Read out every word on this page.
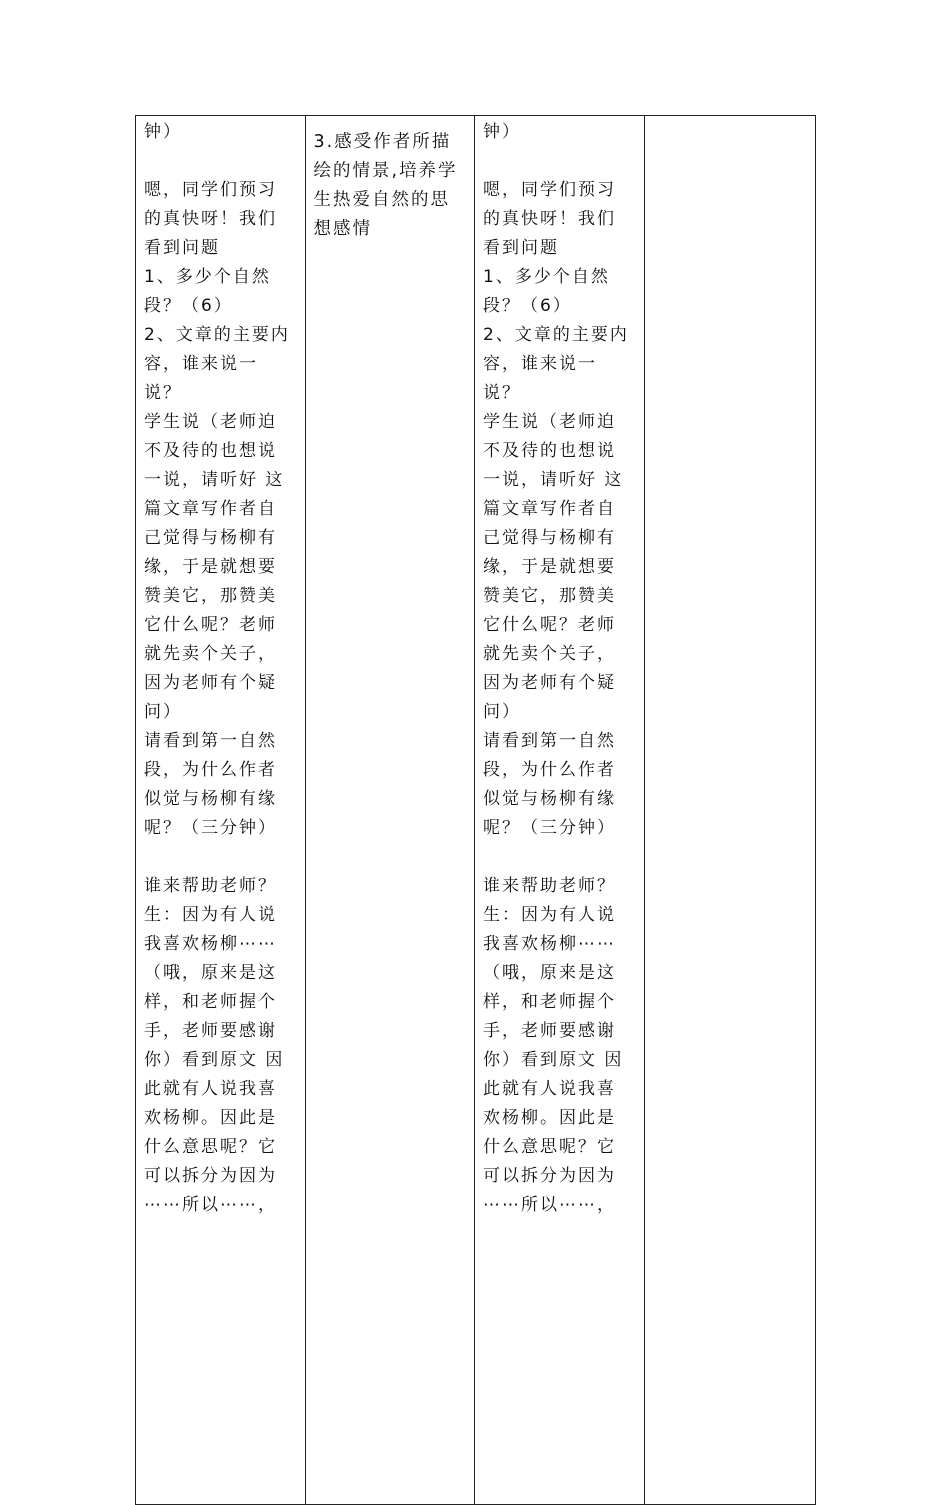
钟）
嗯，同学们预习
的真快呀！我们
看到问题
1、多少个自然
段？（6）
2、文章的主要内
容，谁来说一
说？
学生说（老师迫
不及待的也想说
一说，请听好 这
篇文章写作者自
己觉得与杨柳有
缘，于是就想要
赞美它，那赞美
它什么呢？老师
就先卖个关子，
因为老师有个疑
问）
请看到第一自然
段，为什么作者
似觉与杨柳有缘
呢？（三分钟）
谁来帮助老师？
生：因为有人说
我喜欢杨柳⋯⋯
（哦，原来是这
样，和老师握个
手，老师要感谢
你）看到原文 因
此就有人说我喜
欢杨柳。因此是
什么意思呢？它
可以拆分为因为
⋯⋯所以⋯⋯，
3.感受作者所描
绘的情景,培养学
生热爱自然的思
想感情
钟）
嗯，同学们预习
的真快呀！我们
看到问题
1、多少个自然
段？（6）
2、文章的主要内
容，谁来说一
说？
学生说（老师迫
不及待的也想说
一说，请听好 这
篇文章写作者自
己觉得与杨柳有
缘，于是就想要
赞美它，那赞美
它什么呢？老师
就先卖个关子，
因为老师有个疑
问）
请看到第一自然
段，为什么作者
似觉与杨柳有缘
呢？（三分钟）
谁来帮助老师？
生：因为有人说
我喜欢杨柳⋯⋯
（哦，原来是这
样，和老师握个
手，老师要感谢
你）看到原文 因
此就有人说我喜
欢杨柳。因此是
什么意思呢？它
可以拆分为因为
⋯⋯所以⋯⋯，
